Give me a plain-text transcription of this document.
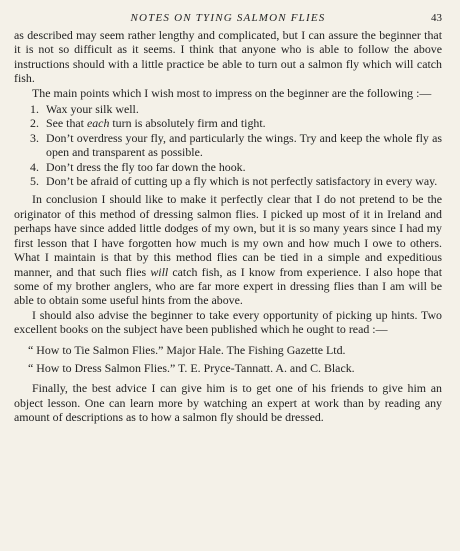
NOTES ON TYING SALMON FLIES	43

as described may seem rather lengthy and complicated, but I can assure the beginner that it is not so difficult as it seems. I think that anyone who is able to follow the above instructions should with a little practice be able to turn out a salmon fly which will catch fish.

The main points which I wish most to impress on the beginner are the following :—

1. Wax your silk well.
2. See that each turn is absolutely firm and tight.
3. Don’t overdress your fly, and particularly the wings. Try and keep the whole fly as open and transparent as possible.
4. Don’t dress the fly too far down the hook.
5. Don’t be afraid of cutting up a fly which is not perfectly satisfactory in every way.

In conclusion I should like to make it perfectly clear that I do not pretend to be the originator of this method of dressing salmon flies. I picked up most of it in Ireland and perhaps have since added little dodges of my own, but it is so many years since I had my first lesson that I have forgotten how much is my own and how much I owe to others. What I maintain is that by this method flies can be tied in a simple and expeditious manner, and that such flies will catch fish, as I know from experience. I also hope that some of my brother anglers, who are far more expert in dressing flies than I am will be able to obtain some useful hints from the above.

I should also advise the beginner to take every opportunity of picking up hints. Two excellent books on the subject have been published which he ought to read :—

“ How to Tie Salmon Flies.” Major Hale. The Fishing Gazette Ltd.
“ How to Dress Salmon Flies.” T. E. Pryce-Tannatt. A. and C. Black.

Finally, the best advice I can give him is to get one of his friends to give him an object lesson. One can learn more by watching an expert at work than by reading any amount of descriptions as to how a salmon fly should be dressed.
